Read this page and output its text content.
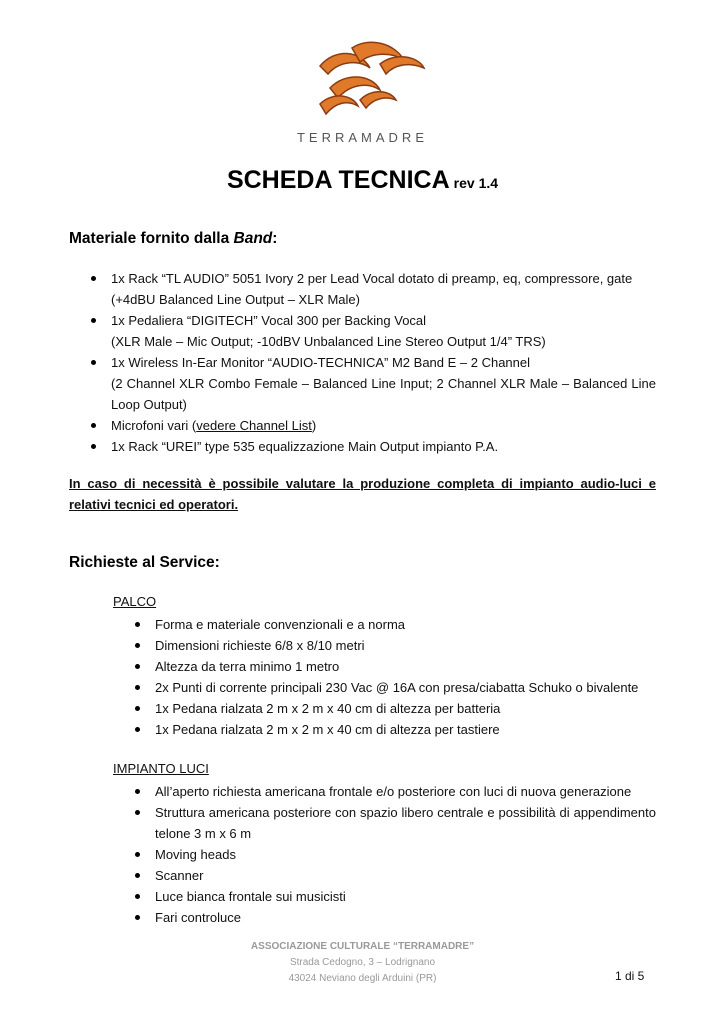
TERRAMADRE
SCHEDA TECNICA rev 1.4
Materiale fornito dalla Band:
1x Rack “TL AUDIO” 5051 Ivory 2 per Lead Vocal dotato di preamp, eq, compressore, gate
(+4dBU Balanced Line Output – XLR Male)
1x Pedaliera “DIGITECH” Vocal 300 per Backing Vocal
(XLR Male – Mic Output; -10dBV Unbalanced Line Stereo Output 1/4” TRS)
1x Wireless In-Ear Monitor “AUDIO-TECHNICA” M2 Band E – 2 Channel
(2 Channel XLR Combo Female – Balanced Line Input; 2 Channel XLR Male – Balanced Line Loop Output)
Microfoni vari (vedere Channel List)
1x Rack “UREI” type 535 equalizzazione Main Output impianto P.A.
In caso di necessità è possibile valutare la produzione completa di impianto audio-luci e relativi tecnici ed operatori.
Richieste al Service:
PALCO
Forma e materiale convenzionali e a norma
Dimensioni richieste 6/8 x 8/10 metri
Altezza da terra minimo 1 metro
2x Punti di corrente principali 230 Vac @ 16A con presa/ciabatta Schuko o bivalente
1x Pedana rialzata 2 m x 2 m x 40 cm di altezza per batteria
1x Pedana rialzata 2 m x 2 m x 40 cm di altezza per tastiere
IMPIANTO LUCI
All’aperto richiesta americana frontale e/o posteriore con luci di nuova generazione
Struttura americana posteriore con spazio libero centrale e possibilità di appendimento telone 3 m x 6 m
Moving heads
Scanner
Luce bianca frontale sui musicisti
Fari controluce
ASSOCIAZIONE CULTURALE “TERRAMADRE”
Strada Cedogno, 3 – Lodrignano
43024 Neviano degli Arduini (PR)	1 di 5
